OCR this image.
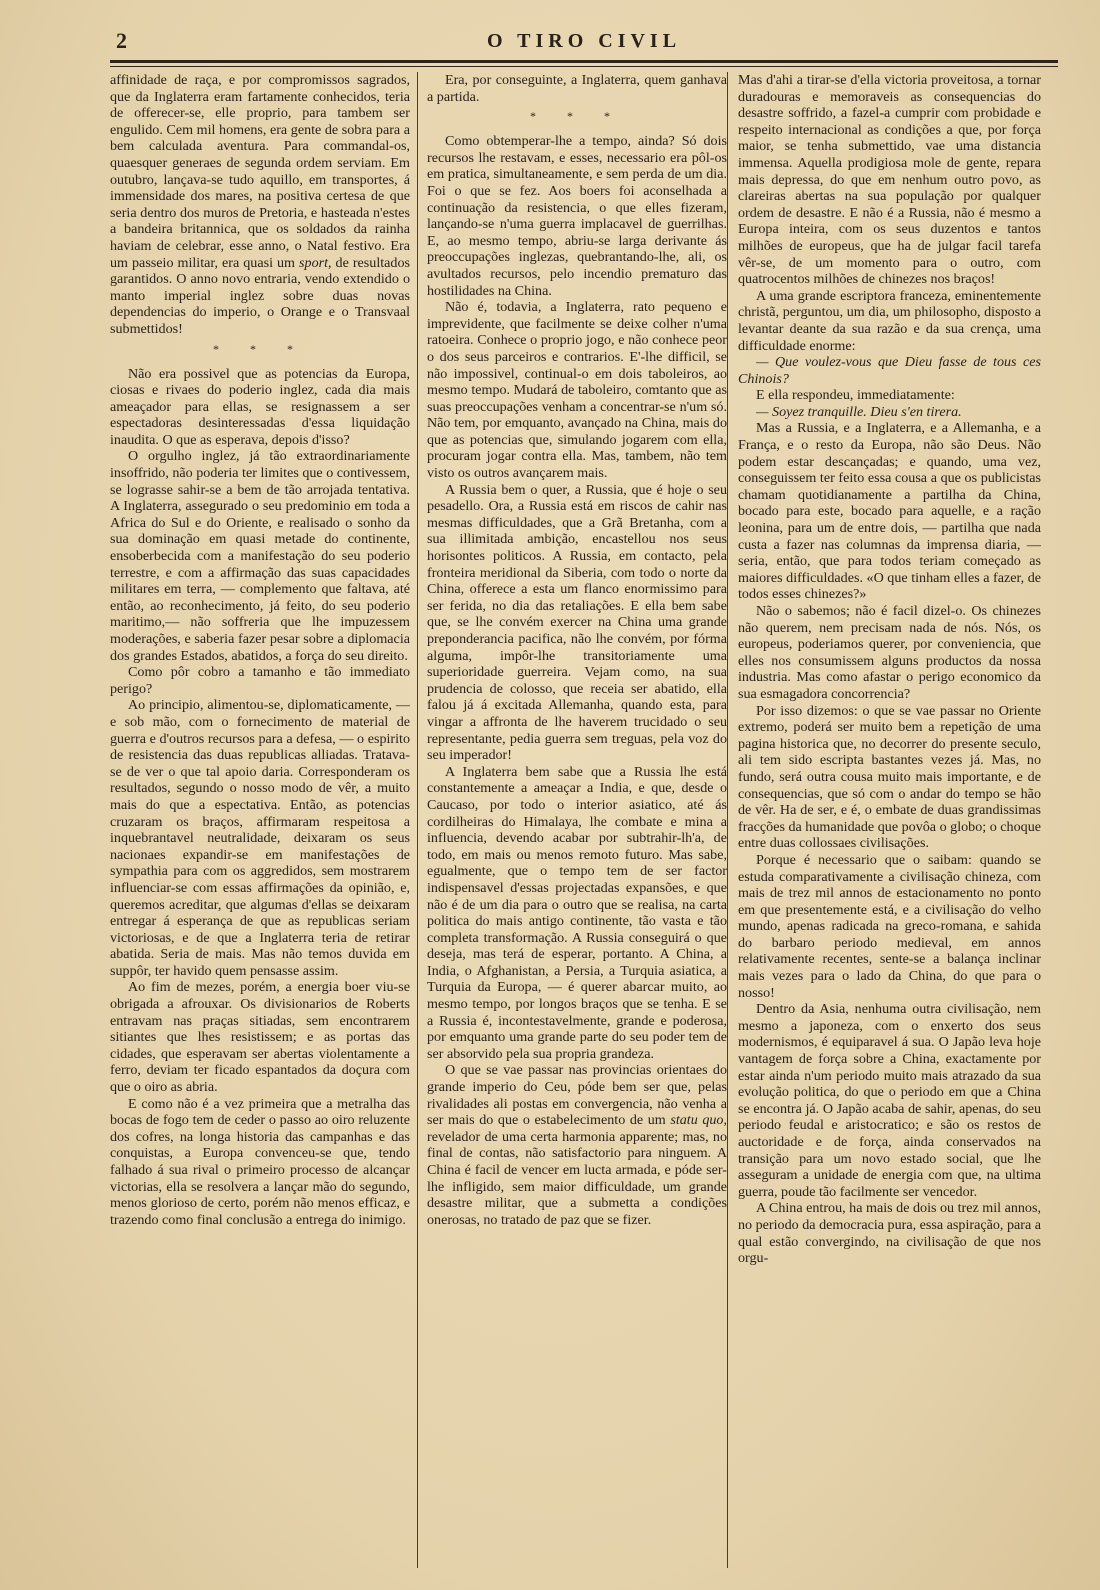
2	O TIRO CIVIL

affinidade de raça, e por compromissos sagrados, que da Inglaterra eram fartamente conhecidos, teria de offerecer-se, elle proprio, para tambem ser engulido. Cem mil homens, era gente de sobra para a bem calculada aventura. Para commandal-os, quaesquer generaes de segunda ordem serviam. Em outubro, lançava-se tudo aquillo, em transportes, á immensidade dos mares, na positiva certesa de que seria dentro dos muros de Pretoria, e hasteada n'estes a bandeira britannica, que os soldados da rainha haviam de celebrar, esse anno, o Natal festivo. Era um passeio militar, era quasi um sport, de resultados garantidos. O anno novo entraria, vendo extendido o manto imperial inglez sobre duas novas dependencias do imperio, o Orange e o Transvaal submettidos!

* * *

Não era possivel que as potencias da Europa, ciosas e rivaes do poderio inglez, cada dia mais ameaçador para ellas, se resignassem a ser espectadoras desinteressadas d'essa liquidação inaudita. O que as esperava, depois d'isso?

O orgulho inglez, já tão extraordinariamente insoffrido, não poderia ter limites que o contivessem, se lograsse sahir-se a bem de tão arrojada tentativa. A Inglaterra, assegurado o seu predominio em toda a Africa do Sul e do Oriente, e realisado o sonho da sua dominação em quasi metade do continente, ensoberbecida com a manifestação do seu poderio terrestre, e com a affirmação das suas capacidades militares em terra, — complemento que faltava, até então, ao reconhecimento, já feito, do seu poderio maritimo,— não soffreria que lhe impuzessem moderações, e saberia fazer pesar sobre a diplomacia dos grandes Estados, abatidos, a força do seu direito.

Como pôr cobro a tamanho e tão immediato perigo?

Ao principio, alimentou-se, diplomaticamente, — e sob mão, com o fornecimento de material de guerra e d'outros recursos para a defesa, — o espirito de resistencia das duas republicas alliadas. Tratava-se de ver o que tal apoio daria. Corresponderam os resultados, segundo o nosso modo de vêr, a muito mais do que a espectativa. Então, as potencias cruzaram os braços, affirmaram respeitosa a inquebrantavel neutralidade, deixaram os seus nacionaes expandir-se em manifestações de sympathia para com os aggredidos, sem mostrarem influenciar-se com essas affirmações da opinião, e, queremos acreditar, que algumas d'ellas se deixaram entregar á esperança de que as republicas seriam victoriosas, e de que a Inglaterra teria de retirar abatida. Seria de mais. Mas não temos duvida em suppôr, ter havido quem pensasse assim.

Ao fim de mezes, porém, a energia boer viu-se obrigada a afrouxar. Os divisionarios de Roberts entravam nas praças sitiadas, sem encontrarem sitiantes que lhes resistissem; e as portas das cidades, que esperavam ser abertas violentamente a ferro, deviam ter ficado espantados da doçura com que o oiro as abria.

E como não é a vez primeira que a metralha das bocas de fogo tem de ceder o passo ao oiro reluzente dos cofres, na longa historia das campanhas e das conquistas, a Europa convenceu-se que, tendo falhado á sua rival o primeiro processo de alcançar victorias, ella se resolvera a lançar mão do segundo, menos glorioso de certo, porém não menos efficaz, e trazendo como final conclusão a entrega do inimigo.

Era, por conseguinte, a Inglaterra, quem ganhava a partida.

* * *

Como obtemperar-lhe a tempo, ainda? Só dois recursos lhe restavam, e esses, necessario era pôl-os em pratica, simultaneamente, e sem perda de um dia. Foi o que se fez. Aos boers foi aconselhada a continuação da resistencia, o que elles fizeram, lançando-se n'uma guerra implacavel de guerrilhas. E, ao mesmo tempo, abriu-se larga derivante ás preoccupações inglezas, quebrantando-lhe, ali, os avultados recursos, pelo incendio prematuro das hostilidades na China.

Não é, todavia, a Inglaterra, rato pequeno e imprevidente, que facilmente se deixe colher n'uma ratoeira. Conhece o proprio jogo, e não conhece peor o dos seus parceiros e contrarios. E'-lhe difficil, se não impossivel, continual-o em dois taboleiros, ao mesmo tempo. Mudará de taboleiro, comtanto que as suas preoccupações venham a concentrar-se n'um só. Não tem, por emquanto, avançado na China, mais do que as potencias que, simulando jogarem com ella, procuram jogar contra ella. Mas, tambem, não tem visto os outros avançarem mais.

A Russia bem o quer, a Russia, que é hoje o seu pesadello. Ora, a Russia está em riscos de cahir nas mesmas difficuldades, que a Grã Bretanha, com a sua illimitada ambição, encastellou nos seus horisontes politicos. A Russia, em contacto, pela fronteira meridional da Siberia, com todo o norte da China, offerece a esta um flanco enormissimo para ser ferida, no dia das retaliações. E ella bem sabe que, se lhe convém exercer na China uma grande preponderancia pacifica, não lhe convém, por fórma alguma, impôr-lhe transitoriamente uma superioridade guerreira. Vejam como, na sua prudencia de colosso, que receia ser abatido, ella falou já á excitada Allemanha, quando esta, para vingar a affronta de lhe haverem trucidado o seu representante, pedia guerra sem treguas, pela voz do seu imperador!

A Inglaterra bem sabe que a Russia lhe está constantemente a ameaçar a India, e que, desde o Caucaso, por todo o interior asiatico, até ás cordilheiras do Himalaya, lhe combate e mina a influencia, devendo acabar por subtrahir-lh'a, de todo, em mais ou menos remoto futuro. Mas sabe, egualmente, que o tempo tem de ser factor indispensavel d'essas projectadas expansões, e que não é de um dia para o outro que se realisa, na carta politica do mais antigo continente, tão vasta e tão completa transformação. A Russia conseguirá o que deseja, mas terá de esperar, portanto. A China, a India, o Afghanistan, a Persia, a Turquia asiatica, a Turquia da Europa, — é querer abarcar muito, ao mesmo tempo, por longos braços que se tenha. E se a Russia é, incontestavelmente, grande e poderosa, por emquanto uma grande parte do seu poder tem de ser absorvido pela sua propria grandeza.

O que se vae passar nas provincias orientaes do grande imperio do Ceu, póde bem ser que, pelas rivalidades ali postas em convergencia, não venha a ser mais do que o estabelecimento de um statu quo, revelador de uma certa harmonia apparente; mas, no final de contas, não satisfactorio para ninguem. A China é facil de vencer em lucta armada, e póde ser-lhe infligido, sem maior difficuldade, um grande desastre militar, que a submetta a condições onerosas, no tratado de paz que se fizer.

Mas d'ahi a tirar-se d'ella victoria proveitosa, a tornar duradouras e memoraveis as consequencias do desastre soffrido, a fazel-a cumprir com probidade e respeito internacional as condições a que, por força maior, se tenha submettido, vae uma distancia immensa. Aquella prodigiosa mole de gente, repara mais depressa, do que em nenhum outro povo, as clareiras abertas na sua população por qualquer ordem de desastre. E não é a Russia, não é mesmo a Europa inteira, com os seus duzentos e tantos milhões de europeus, que ha de julgar facil tarefa vêr-se, de um momento para o outro, com quatrocentos milhões de chinezes nos braços!

A uma grande escriptora franceza, eminentemente christã, perguntou, um dia, um philosopho, disposto a levantar deante da sua razão e da sua crença, uma difficuldade enorme:

— Que voulez-vous que Dieu fasse de tous ces Chinois?

E ella respondeu, immediatamente:

— Soyez tranquille. Dieu s'en tirera.

Mas a Russia, e a Inglaterra, e a Allemanha, e a França, e o resto da Europa, não são Deus. Não podem estar descançadas; e quando, uma vez, conseguissem ter feito essa cousa a que os publicistas chamam quotidianamente a partilha da China, bocado para este, bocado para aquelle, e a ração leonina, para um de entre dois, — partilha que nada custa a fazer nas columnas da imprensa diaria, — seria, então, que para todos teriam começado as maiores difficuldades. «O que tinham elles a fazer, de todos esses chinezes?»

Não o sabemos; não é facil dizel-o. Os chinezes não querem, nem precisam nada de nós. Nós, os europeus, poderiamos querer, por conveniencia, que elles nos consumissem alguns productos da nossa industria. Mas como afastar o perigo economico da sua esmagadora concorrencia?

Por isso dizemos: o que se vae passar no Oriente extremo, poderá ser muito bem a repetição de uma pagina historica que, no decorrer do presente seculo, ali tem sido escripta bastantes vezes já. Mas, no fundo, será outra cousa muito mais importante, e de consequencias, que só com o andar do tempo se hão de vêr. Ha de ser, e é, o embate de duas grandissimas fracções da humanidade que povôa o globo; o choque entre duas collossaes civilisações.

Porque é necessario que o saibam: quando se estuda comparativamente a civilisação chineza, com mais de trez mil annos de estacionamento no ponto em que presentemente está, e a civilisação do velho mundo, apenas radicada na greco-romana, e sahida do barbaro periodo medieval, em annos relativamente recentes, sente-se a balança inclinar mais vezes para o lado da China, do que para o nosso!

Dentro da Asia, nenhuma outra civilisação, nem mesmo a japoneza, com o enxerto dos seus modernismos, é equiparavel á sua. O Japão leva hoje vantagem de força sobre a China, exactamente por estar ainda n'um periodo muito mais atrazado da sua evolução politica, do que o periodo em que a China se encontra já. O Japão acaba de sahir, apenas, do seu periodo feudal e aristocratico; e são os restos de auctoridade e de força, ainda conservados na transição para um novo estado social, que lhe asseguram a unidade de energia com que, na ultima guerra, poude tão facilmente ser vencedor.

A China entrou, ha mais de dois ou trez mil annos, no periodo da democracia pura, essa aspiração, para a qual estão convergindo, na civilisação de que nos orgu-
